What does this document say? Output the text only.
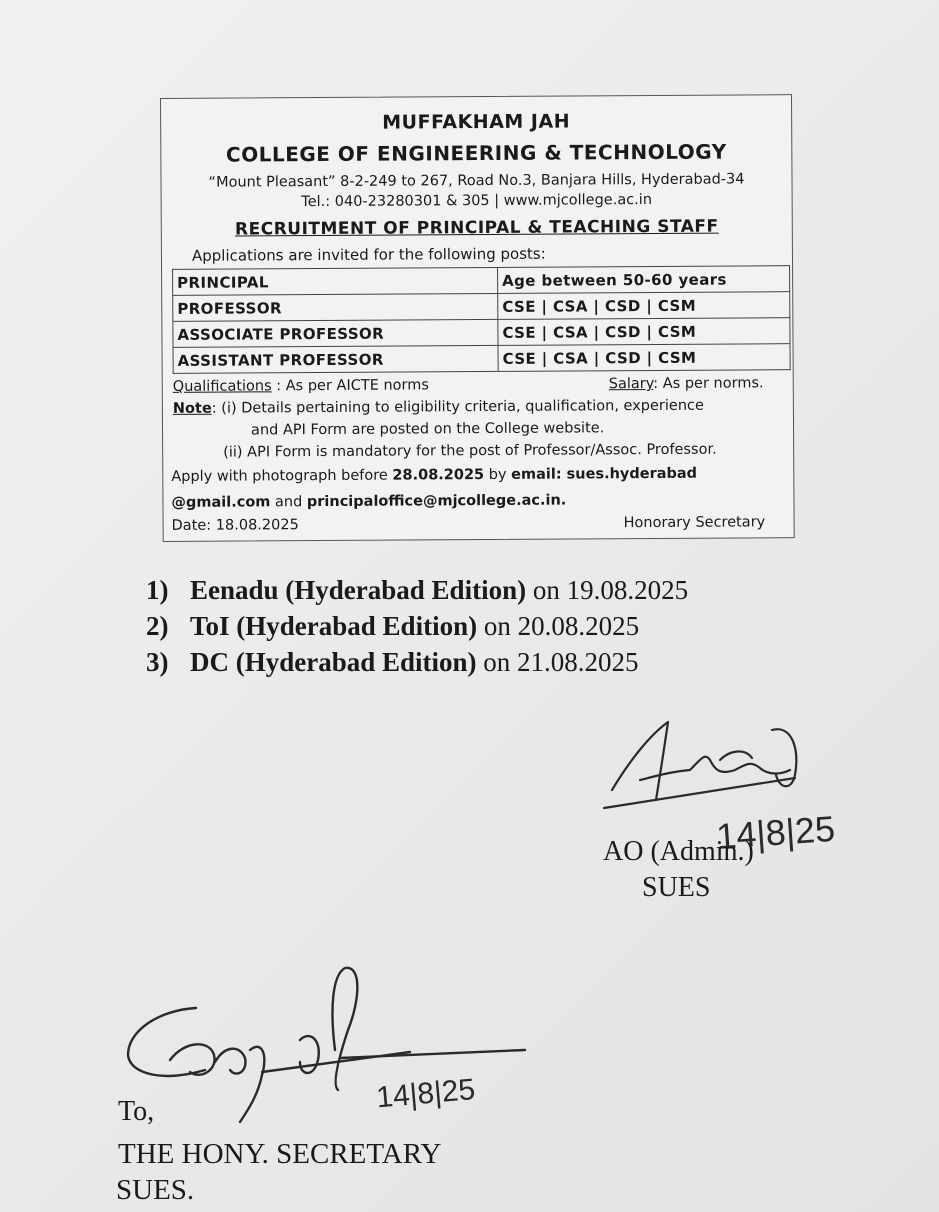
MUFFAKHAM JAH
COLLEGE OF ENGINEERING & TECHNOLOGY
“Mount Pleasant” 8-2-249 to 267, Road No.3, Banjara Hills, Hyderabad-34
Tel.: 040-23280301 & 305 | www.mjcollege.ac.in
RECRUITMENT OF PRINCIPAL & TEACHING STAFF
Applications are invited for the following posts:
PRINCIPAL	Age between 50-60 years
PROFESSOR	CSE | CSA | CSD | CSM
ASSOCIATE PROFESSOR	CSE | CSA | CSD | CSM
ASSISTANT PROFESSOR	CSE | CSA | CSD | CSM
Qualifications : As per AICTE norms	Salary: As per norms.
Note: (i) Details pertaining to eligibility criteria, qualification, experience
and API Form are posted on the College website.
(ii) API Form is mandatory for the post of Professor/Assoc. Professor.
Apply with photograph before 28.08.2025 by email: sues.hyderabad
@gmail.com and principaloffice@mjcollege.ac.in.
Date: 18.08.2025	Honorary Secretary
1) Eenadu (Hyderabad Edition) on 19.08.2025
2) ToI (Hyderabad Edition) on 20.08.2025
3) DC (Hyderabad Edition) on 21.08.2025
14|8|25
AO (Admin.)
SUES
14|8|25
To,
THE HONY. SECRETARY
SUES.
